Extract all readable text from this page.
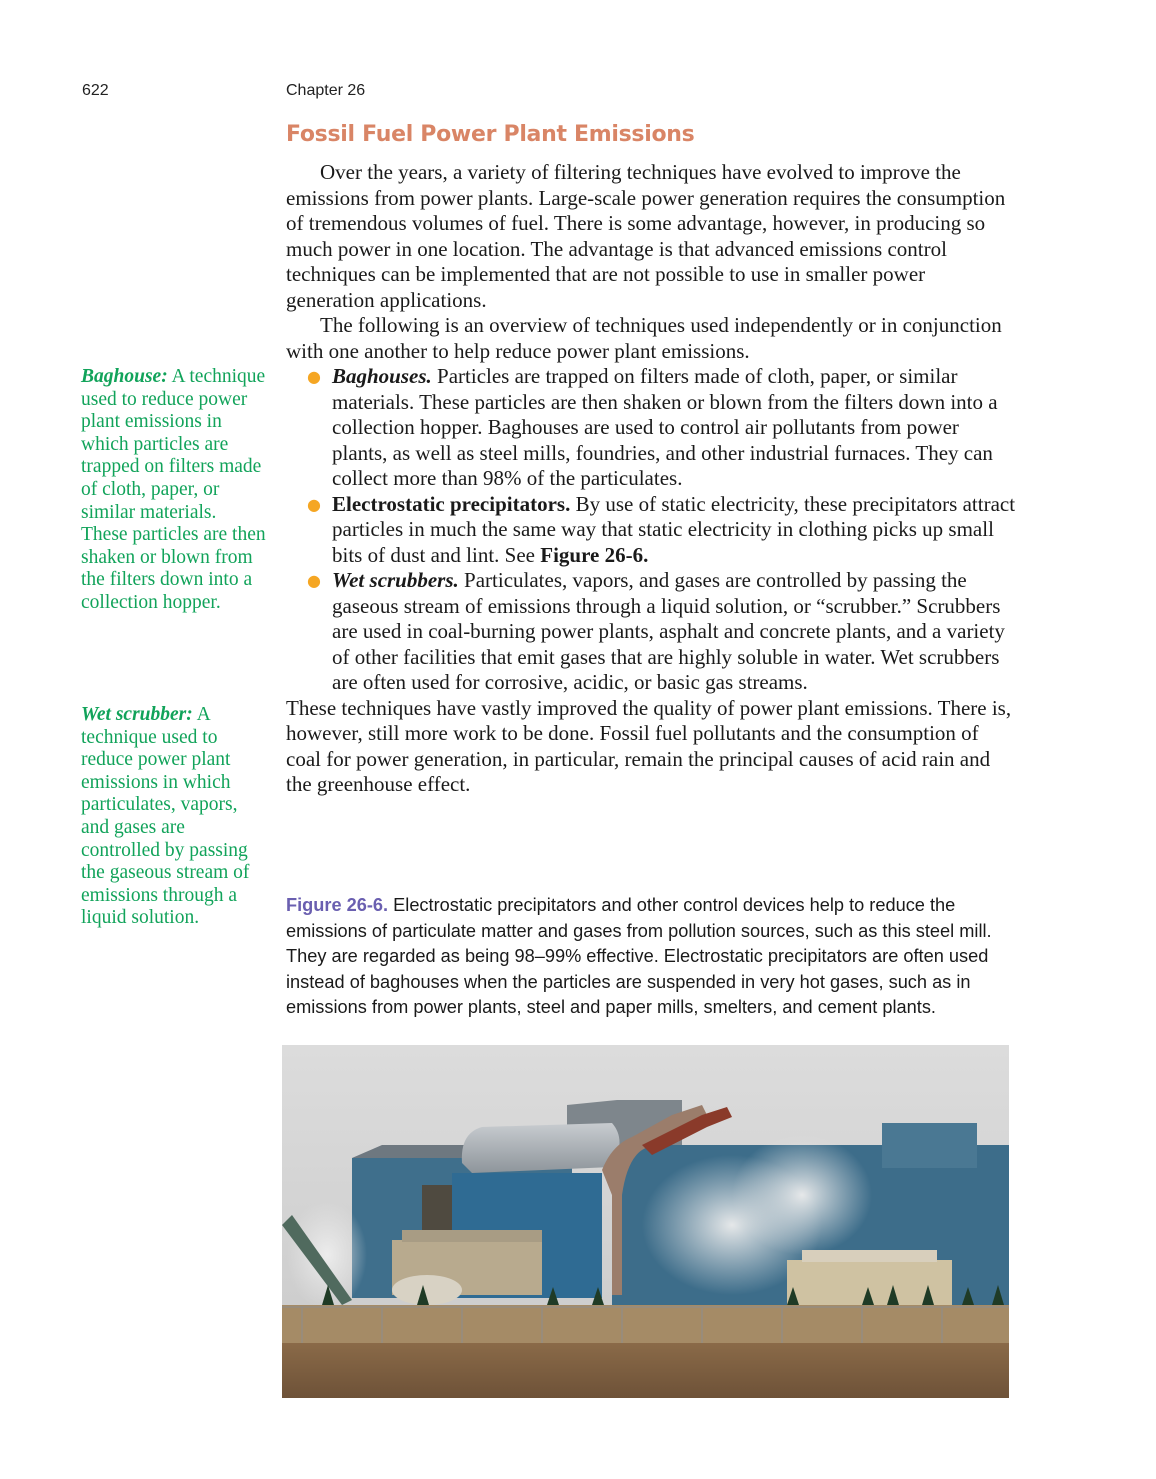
622	Chapter 26
Fossil Fuel Power Plant Emissions

Over the years, a variety of filtering techniques have evolved to improve the emissions from power plants. Large-scale power generation requires the consumption of tremendous volumes of fuel. There is some advantage, however, in producing so much power in one location. The advantage is that advanced emissions control techniques can be implemented that are not possible to use in smaller power generation applications.

The following is an overview of techniques used independently or in conjunction with one another to help reduce power plant emissions.

● Baghouses. Particles are trapped on filters made of cloth, paper, or similar materials. These particles are then shaken or blown from the filters down into a collection hopper. Baghouses are used to control air pollutants from power plants, as well as steel mills, foundries, and other industrial furnaces. They can collect more than 98% of the particulates.
● Electrostatic precipitators. By use of static electricity, these precipitators attract particles in much the same way that static electricity in clothing picks up small bits of dust and lint. See Figure 26-6.
● Wet scrubbers. Particulates, vapors, and gases are controlled by passing the gaseous stream of emissions through a liquid solution, or “scrubber.” Scrubbers are used in coal-burning power plants, asphalt and concrete plants, and a variety of other facilities that emit gases that are highly soluble in water. Wet scrubbers are often used for corrosive, acidic, or basic gas streams.

These techniques have vastly improved the quality of power plant emissions. There is, however, still more work to be done. Fossil fuel pollutants and the consumption of coal for power generation, in particular, remain the principal causes of acid rain and the greenhouse effect.

Baghouse: A technique used to reduce power plant emissions in which particles are trapped on filters made of cloth, paper, or similar materials. These particles are then shaken or blown from the filters down into a collection hopper.
Wet scrubber: A technique used to reduce power plant emissions in which particulates, vapors, and gases are controlled by passing the gaseous stream of emissions through a liquid solution.
Figure 26-6. Electrostatic precipitators and other control devices help to reduce the emissions of particulate matter and gases from pollution sources, such as this steel mill. They are regarded as being 98–99% effective. Electrostatic precipitators are often used instead of baghouses when the particles are suspended in very hot gases, such as in emissions from power plants, steel and paper mills, smelters, and cement plants.
